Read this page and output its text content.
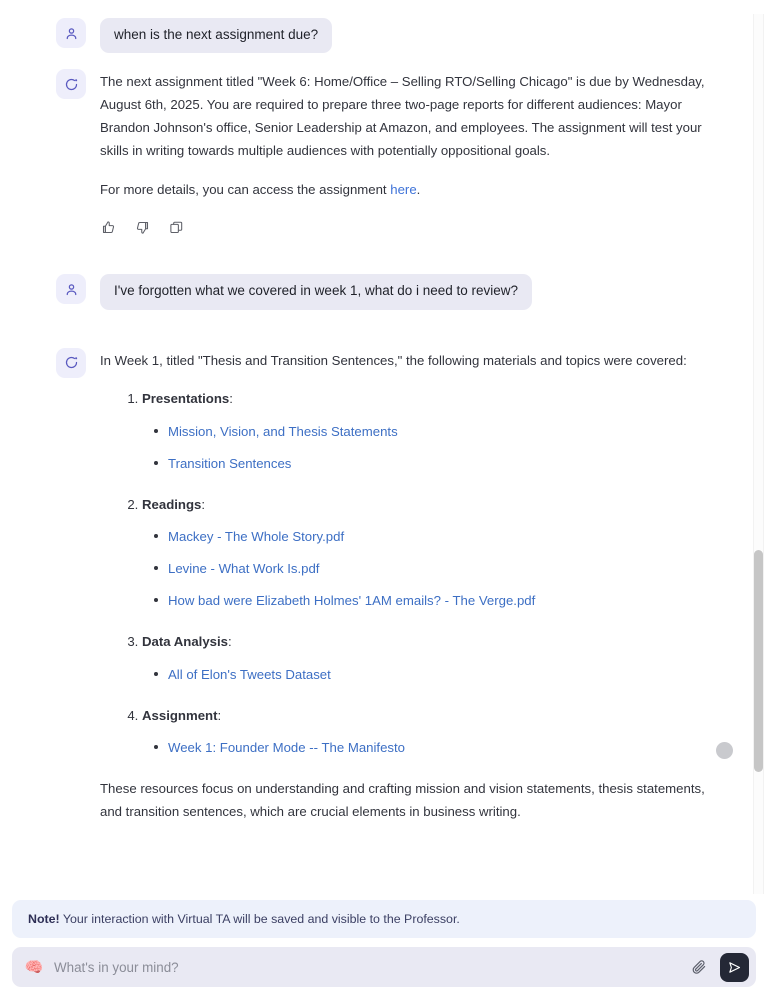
when is the next assignment due?

The next assignment titled "Week 6: Home/Office – Selling RTO/Selling Chicago" is due by Wednesday, August 6th, 2025. You are required to prepare three two-page reports for different audiences: Mayor Brandon Johnson's office, Senior Leadership at Amazon, and employees. The assignment will test your skills in writing towards multiple audiences with potentially oppositional goals.

For more details, you can access the assignment here.

I've forgotten what we covered in week 1, what do i need to review?

In Week 1, titled "Thesis and Transition Sentences," the following materials and topics were covered:

1. Presentations:
Mission, Vision, and Thesis Statements
Transition Sentences
2. Readings:
Mackey - The Whole Story.pdf
Levine - What Work Is.pdf
How bad were Elizabeth Holmes' 1AM emails? - The Verge.pdf
3. Data Analysis:
All of Elon's Tweets Dataset
4. Assignment:
Week 1: Founder Mode -- The Manifesto

These resources focus on understanding and crafting mission and vision statements, thesis statements, and transition sentences, which are crucial elements in business writing.

Note! Your interaction with Virtual TA will be saved and visible to the Professor.
🧠
What's in your mind?
